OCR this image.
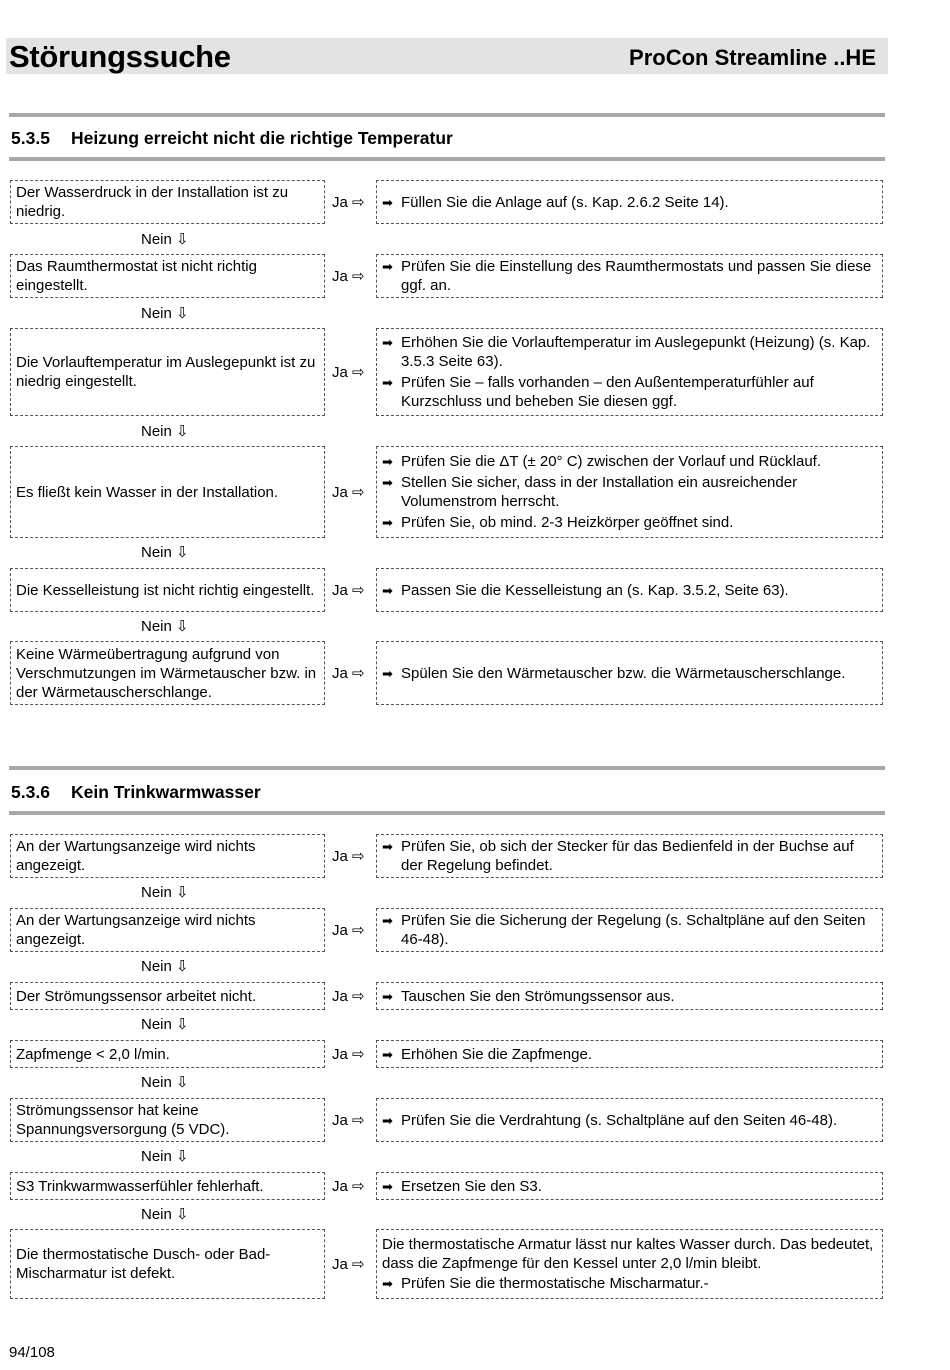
Störungssuche	ProCon Streamline ..HE
5.3.5 Heizung erreicht nicht die richtige Temperatur
Der Wasserdruck in der Installation ist zu niedrig.
Ja ⇨ ➡ Füllen Sie die Anlage auf (s. Kap. 2.6.2 Seite 14).
Nein ⇩
Das Raumthermostat ist nicht richtig eingestellt.
Ja ⇨
➡ Prüfen Sie die Einstellung des Raumthermostats und passen Sie diese ggf. an.
Nein ⇩
Die Vorlauftemperatur im Auslegepunkt ist zu niedrig eingestellt.
Ja ⇨
➡ Erhöhen Sie die Vorlauftemperatur im Auslegepunkt (Heizung) (s. Kap. 3.5.3 Seite 63).
➡ Prüfen Sie – falls vorhanden – den Außentemperaturfühler auf Kurzschluss und beheben Sie diesen ggf.
Nein ⇩
Es fließt kein Wasser in der Installation.	Ja ⇨
➡ Prüfen Sie die ΔT (± 20° C) zwischen der Vorlauf und Rücklauf.
➡ Stellen Sie sicher, dass in der Installation ein ausreichender Volumenstrom herrscht.
➡ Prüfen Sie, ob mind. 2-3 Heizkörper geöffnet sind.
Nein ⇩
Die Kesselleistung ist nicht richtig eingestellt. Ja ⇨ ➡ Passen Sie die Kesselleistung an (s. Kap. 3.5.2, Seite 63).
Nein ⇩
Keine Wärmeübertragung aufgrund von Verschmutzungen im Wärmetauscher bzw. in der Wärmetauscherschlange.
Ja ⇨ ➡ Spülen Sie den Wärmetauscher bzw. die Wärmetauscherschlange.
5.3.6 Kein Trinkwarmwasser
An der Wartungsanzeige wird nichts angezeigt.
Ja ⇨
➡ Prüfen Sie, ob sich der Stecker für das Bedienfeld in der Buchse auf der Regelung befindet.
Nein ⇩
An der Wartungsanzeige wird nichts angezeigt.
Ja ⇨
➡ Prüfen Sie die Sicherung der Regelung (s. Schaltpläne auf den Seiten 46-48).
Nein ⇩
Der Strömungssensor arbeitet nicht.	Ja ⇨ ➡ Tauschen Sie den Strömungssensor aus.
Nein ⇩
Zapfmenge < 2,0 l/min.	Ja ⇨ ➡ Erhöhen Sie die Zapfmenge.
Nein ⇩
Strömungssensor hat keine Spannungsversorgung (5 VDC).
Ja ⇨ ➡ Prüfen Sie die Verdrahtung (s. Schaltpläne auf den Seiten 46-48).
Nein ⇩
S3 Trinkwarmwasserfühler fehlerhaft.	Ja ⇨ ➡ Ersetzen Sie den S3.
Nein ⇩
Die thermostatische Dusch- oder Bad-Mischarmatur ist defekt.
Ja ⇨
Die thermostatische Armatur lässt nur kaltes Wasser durch. Das bedeutet, dass die Zapfmenge für den Kessel unter 2,0 l/min bleibt.
➡ Prüfen Sie die thermostatische Mischarmatur.-
94/108
